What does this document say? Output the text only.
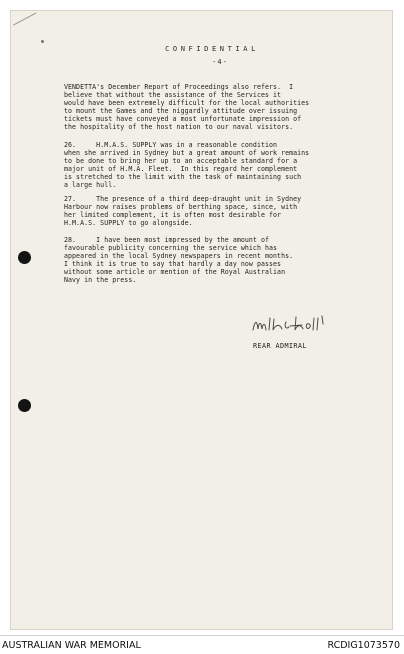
CONFIDENTIAL
-4-
VENDETTA's December Report of Proceedings also refers.  I
believe that without the assistance of the Services it
would have been extremely difficult for the local authorities
to mount the Games and the niggardly attitude over issuing
tickets must have conveyed a most unfortunate impression of
the hospitality of the host nation to our naval visitors.
26.     H.M.A.S. SUPPLY was in a reasonable condition
when she arrived in Sydney but a great amount of work remains
to be done to bring her up to an acceptable standard for a
major unit of H.M.A. Fleet.  In this regard her complement
is stretched to the limit with the task of maintaining such
a large hull.
27.     The presence of a third deep-draught unit in Sydney
Harbour now raises problems of berthing space, since, with
her limited complement, it is often most desirable for
H.M.A.S. SUPPLY to go alongside.
28.     I have been most impressed by the amount of
favourable publicity concerning the service which has
appeared in the local Sydney newspapers in recent months.
I think it is true to say that hardly a day now passes
without some article or mention of the Royal Australian
Navy in the press.
REAR ADMIRAL
AUSTRALIAN WAR MEMORIAL	RCDIG1073570
